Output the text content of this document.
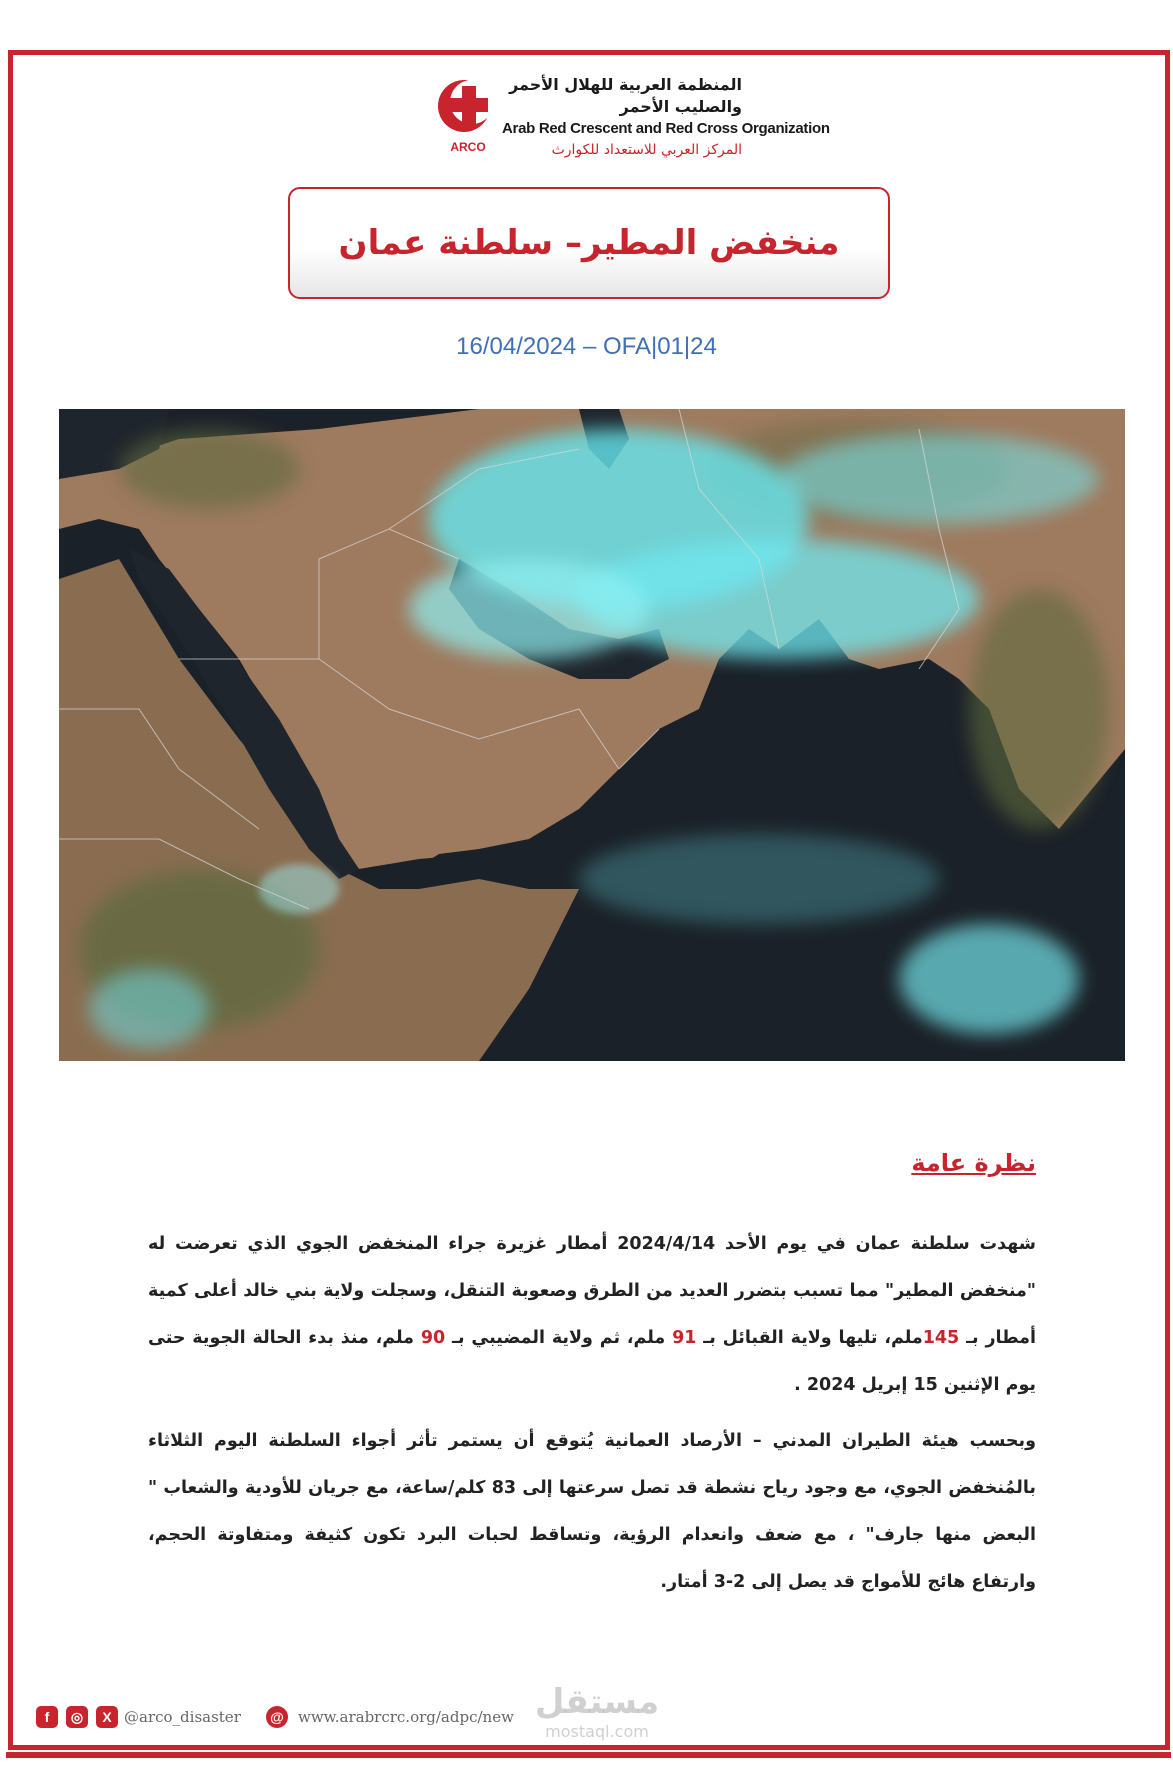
ARCO
المنظمة العربية للهلال الأحمر والصليب الأحمر
Arab Red Crescent and Red Cross Organization
المركز العربي للاستعداد للكوارث
منخفض المطير– سلطنة عمان
16/04/2024 – OFA|01|24
نظرة عامة
شهدت سلطنة عمان في يوم الأحد 2024/4/14 أمطار غزيرة جراء المنخفض الجوي الذي تعرضت له "منخفض المطير" مما تسبب بتضرر العديد من الطرق وصعوبة التنقل، وسجلت ولاية بني خالد أعلى كمية أمطار بـ 145ملم، تليها ولاية القبائل بـ 91 ملم، ثم ولاية المضيبي بـ 90 ملم، منذ بدء الحالة الجوية حتى يوم الإثنين 15 إبريل 2024 .
وبحسب هيئة الطيران المدني – الأرصاد العمانية يُتوقع أن يستمر تأثر أجواء السلطنة اليوم الثلاثاء بالمُنخفض الجوي، مع وجود رياح نشطة قد تصل سرعتها إلى 83 كلم/ساعة، مع جريان للأودية والشعاب " البعض منها جارف" ، مع ضعف وانعدام الرؤية، وتساقط لحبات البرد تكون كثيفة ومتفاوتة الحجم، وارتفاع هائج للأمواج قد يصل إلى 2-3 أمتار.
مستقل
mostaql.com
f	◎	X @arco_disaster @ www.arabrcrc.org/adpc/new
